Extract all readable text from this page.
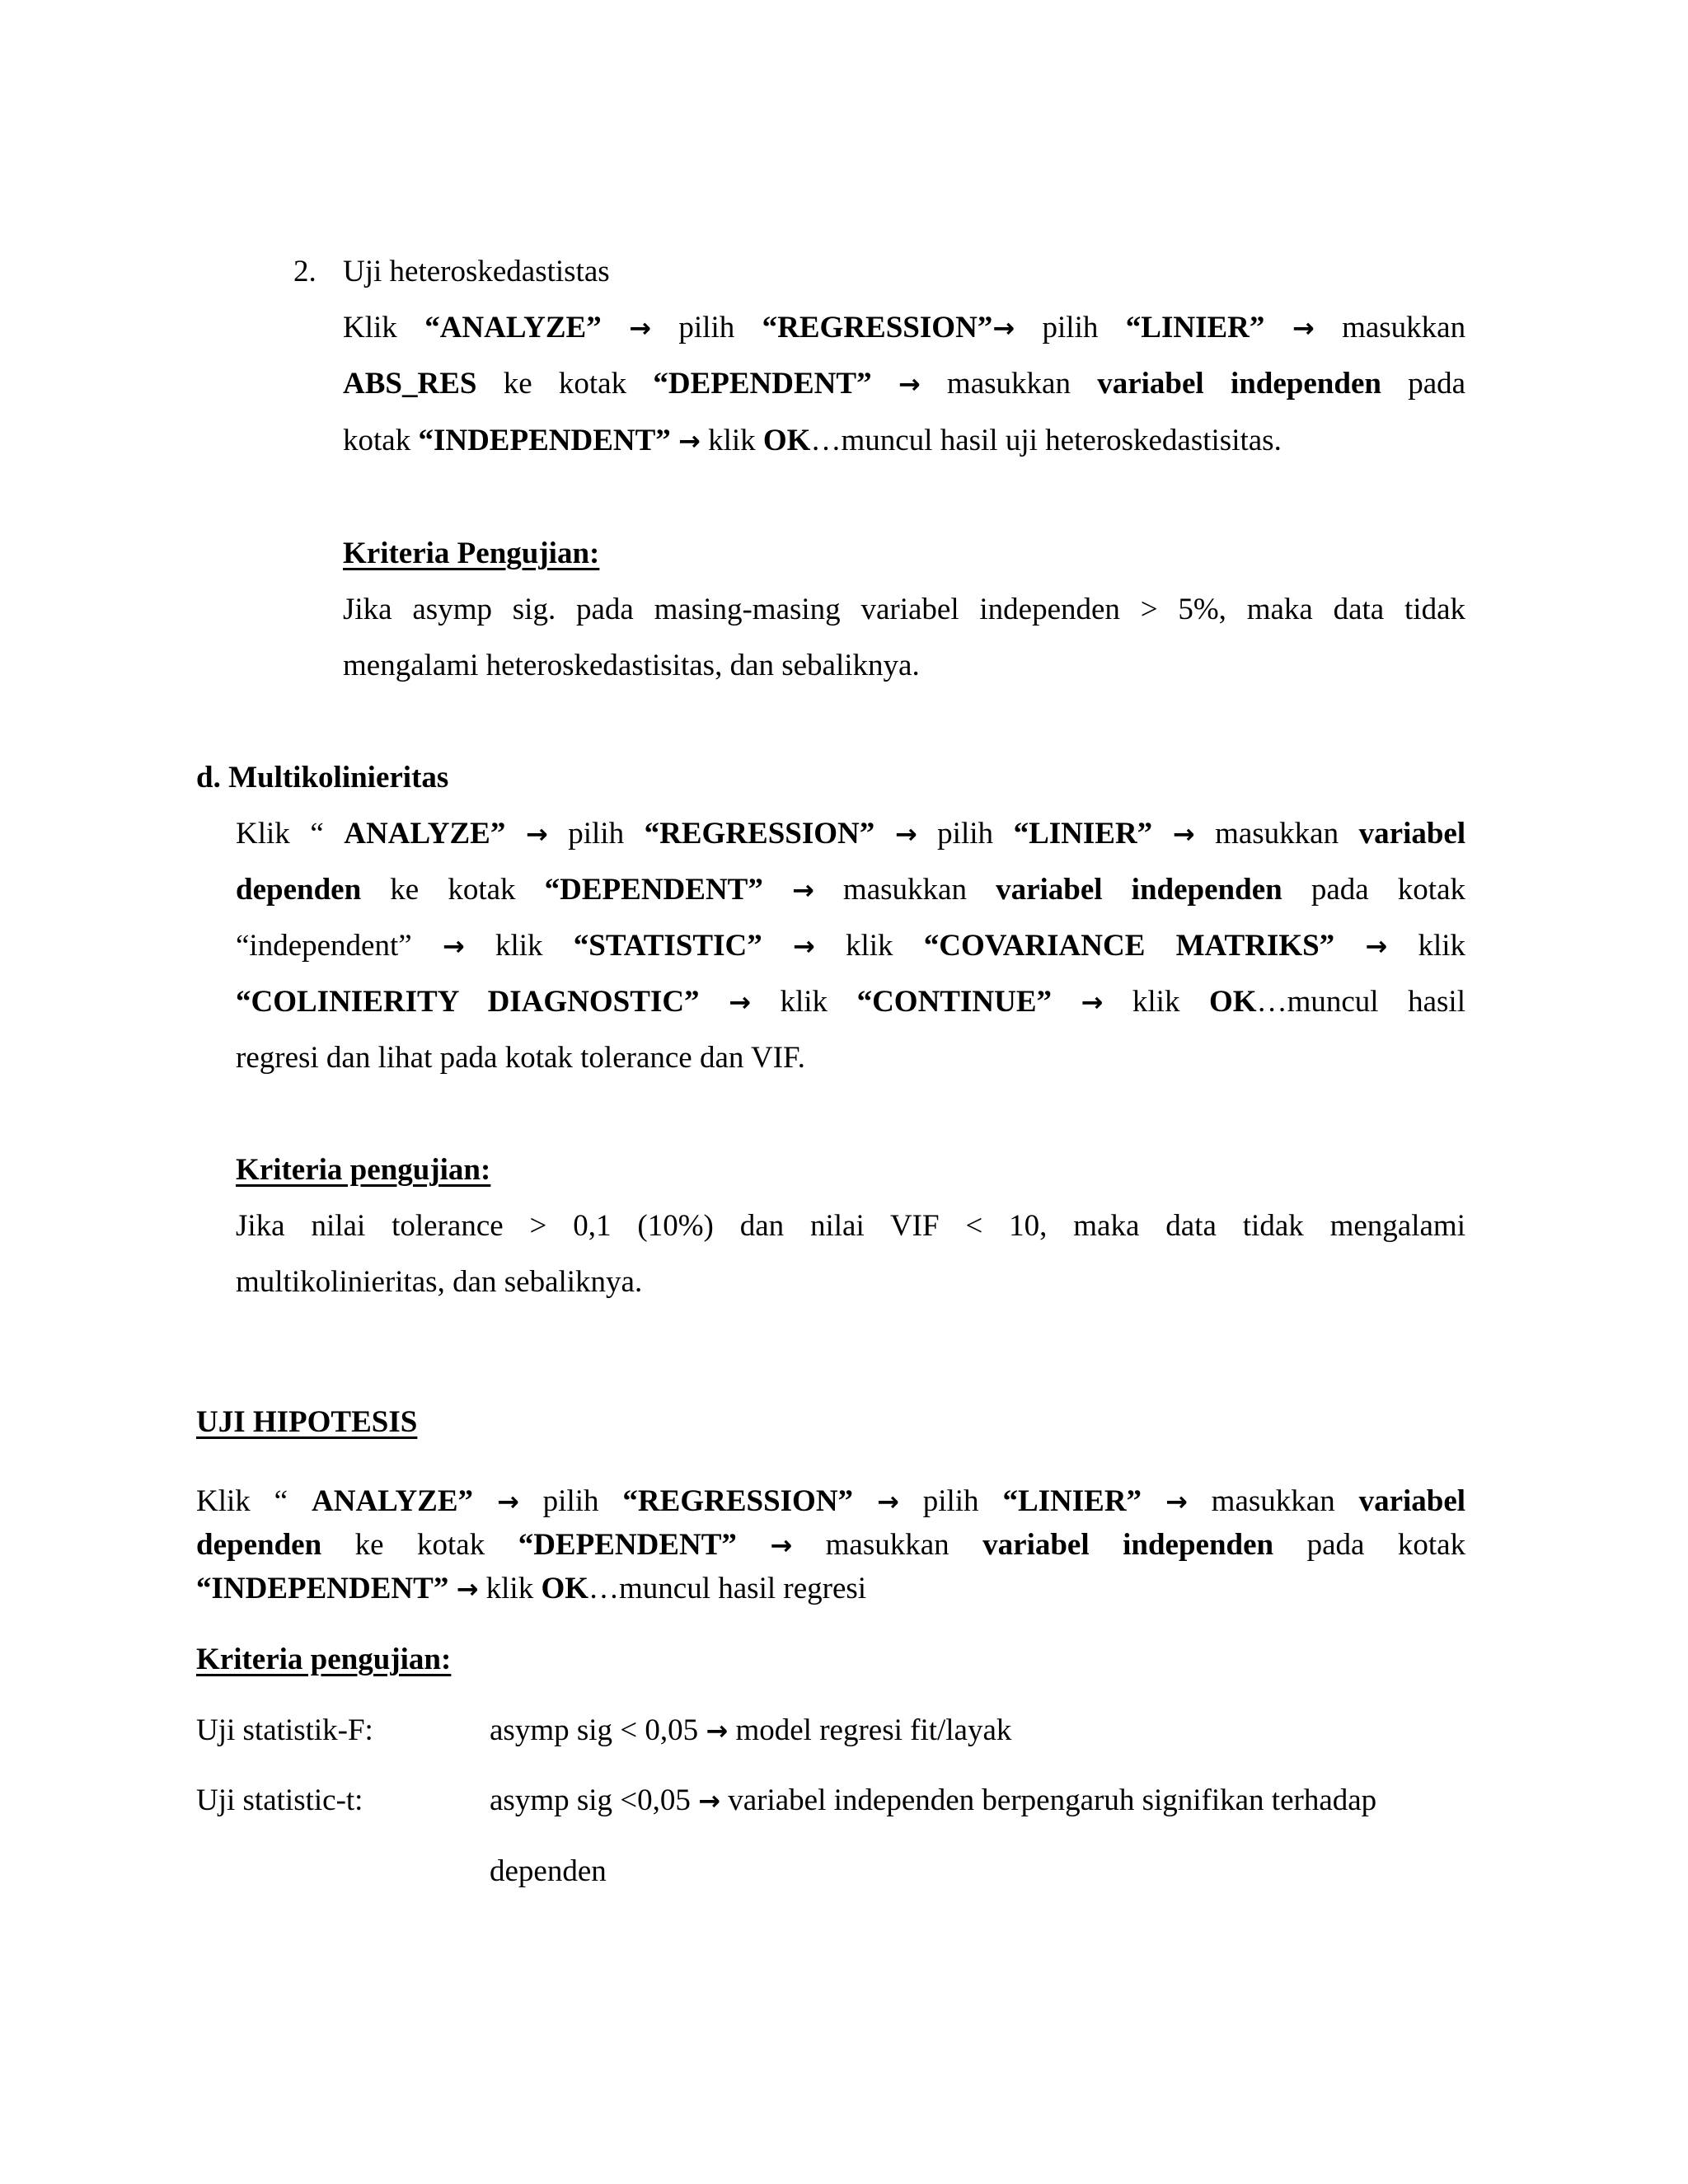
2. Uji heteroskedastistas
Klik “ANALYZE” → pilih “REGRESSION”→ pilih “LINIER” → masukkan
ABS_RES ke kotak “DEPENDENT” → masukkan variabel independen pada
kotak “INDEPENDENT” → klik OK…muncul hasil uji heteroskedastisitas.
Kriteria Pengujian:
Jika asymp sig. pada masing-masing variabel independen > 5%, maka data tidak
mengalami heteroskedastisitas, dan sebaliknya.
d. Multikolinieritas
Klik “ ANALYZE” → pilih “REGRESSION” → pilih “LINIER” → masukkan variabel
dependen ke kotak “DEPENDENT” → masukkan variabel independen pada kotak
“independent” → klik “STATISTIC” → klik “COVARIANCE MATRIKS” → klik
“COLINIERITY DIAGNOSTIC” → klik “CONTINUE” → klik OK…muncul hasil
regresi dan lihat pada kotak tolerance dan VIF.
Kriteria pengujian:
Jika nilai tolerance > 0,1 (10%) dan nilai VIF < 10, maka data tidak mengalami
multikolinieritas, dan sebaliknya.
UJI HIPOTESIS
Klik “ ANALYZE” → pilih “REGRESSION” → pilih “LINIER” → masukkan variabel
dependen ke kotak “DEPENDENT” → masukkan variabel independen pada kotak
“INDEPENDENT” → klik OK…muncul hasil regresi
Kriteria pengujian:
Uji statistik-F:	asymp sig < 0,05 → model regresi fit/layak
Uji statistic-t:	asymp sig <0,05 → variabel independen berpengaruh signifikan terhadap
dependen
